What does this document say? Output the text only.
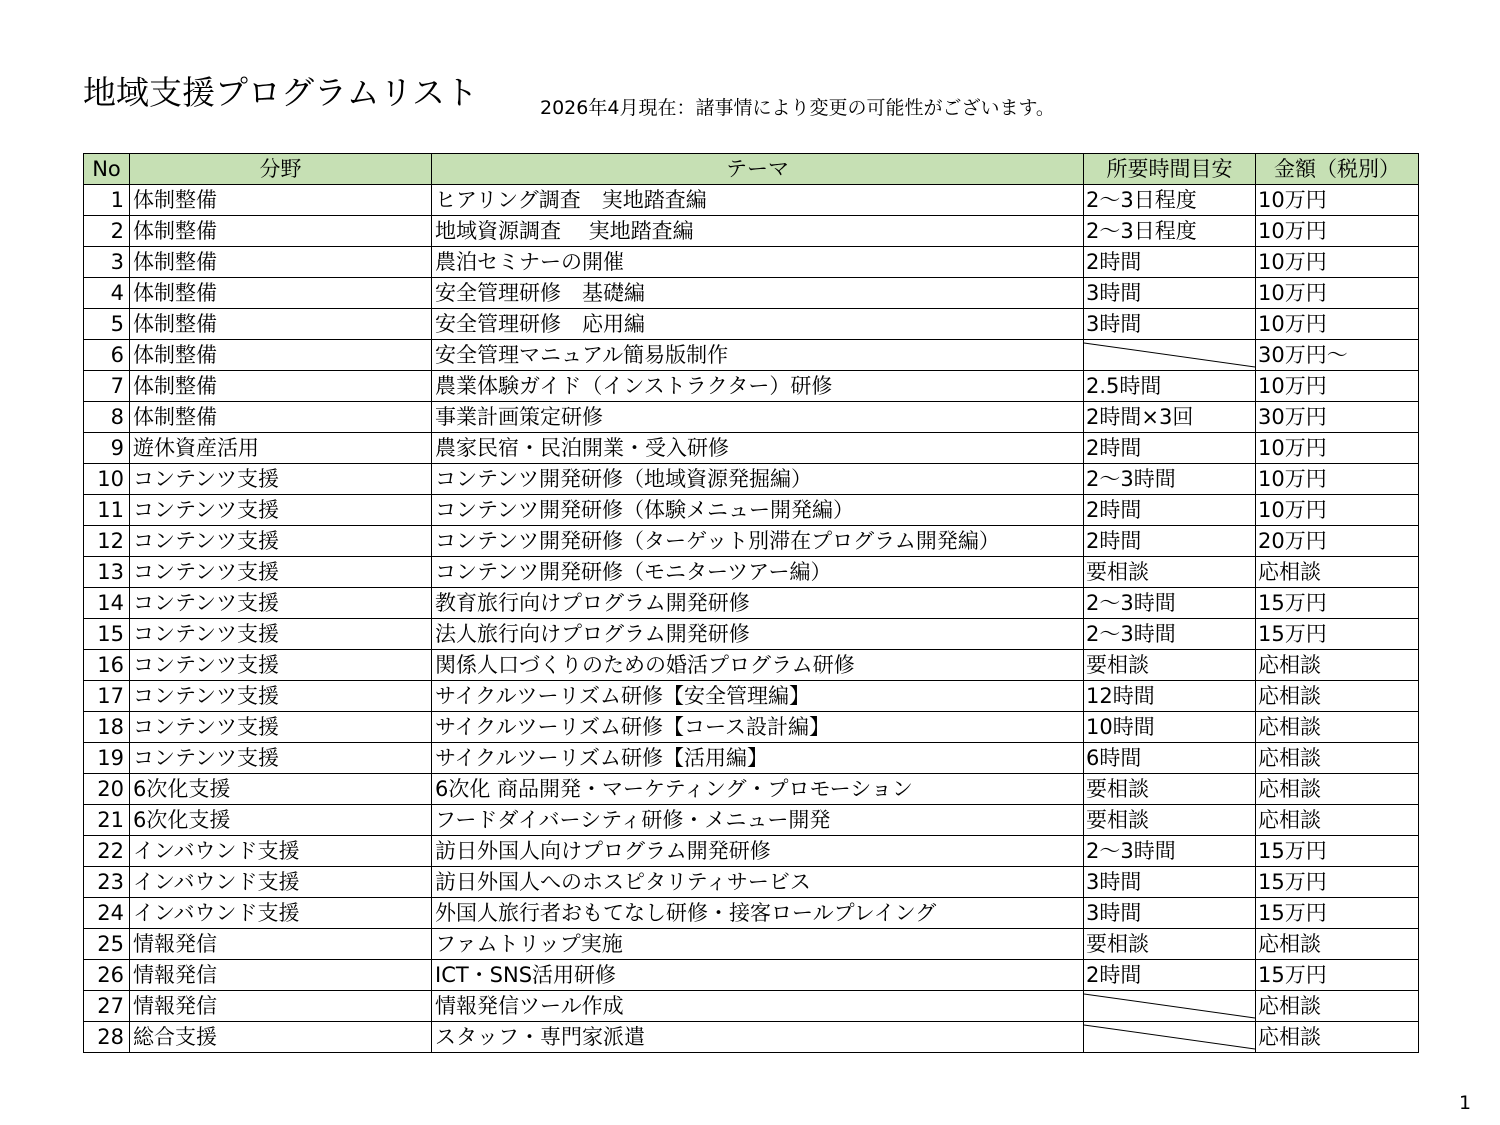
地域支援プログラムリスト	2026年4月現在：諸事情により変更の可能性がございます。
No	分野	テーマ	所要時間目安	金額（税別）
1	体制整備	ヒアリング調査　実地踏査編	2～3日程度	10万円
2	体制整備	地域資源調査　 実地踏査編	2～3日程度	10万円
3	体制整備	農泊セミナーの開催	2時間	10万円
4	体制整備	安全管理研修　基礎編	3時間	10万円
5	体制整備	安全管理研修　応用編	3時間	10万円
6	体制整備	安全管理マニュアル簡易版制作		30万円～
7	体制整備	農業体験ガイド（インストラクター）研修	2.5時間	10万円
8	体制整備	事業計画策定研修	2時間×3回	30万円
9	遊休資産活用	農家民宿・民泊開業・受入研修	2時間	10万円
10	コンテンツ支援	コンテンツ開発研修（地域資源発掘編）	2～3時間	10万円
11	コンテンツ支援	コンテンツ開発研修（体験メニュー開発編）	2時間	10万円
12	コンテンツ支援	コンテンツ開発研修（ターゲット別滞在プログラム開発編）	2時間	20万円
13	コンテンツ支援	コンテンツ開発研修（モニターツアー編）	要相談	応相談
14	コンテンツ支援	教育旅行向けプログラム開発研修	2～3時間	15万円
15	コンテンツ支援	法人旅行向けプログラム開発研修	2～3時間	15万円
16	コンテンツ支援	関係人口づくりのための婚活プログラム研修	要相談	応相談
17	コンテンツ支援	サイクルツーリズム研修【安全管理編】	12時間	応相談
18	コンテンツ支援	サイクルツーリズム研修【コース設計編】	10時間	応相談
19	コンテンツ支援	サイクルツーリズム研修【活用編】	6時間	応相談
20	6次化支援	6次化 商品開発・マーケティング・プロモーション	要相談	応相談
21	6次化支援	フードダイバーシティ研修・メニュー開発	要相談	応相談
22	インバウンド支援	訪日外国人向けプログラム開発研修	2～3時間	15万円
23	インバウンド支援	訪日外国人へのホスピタリティサービス	3時間	15万円
24	インバウンド支援	外国人旅行者おもてなし研修・接客ロールプレイング	3時間	15万円
25	情報発信	ファムトリップ実施	要相談	応相談
26	情報発信	ICT・SNS活用研修	2時間	15万円
27	情報発信	情報発信ツール作成		応相談
28	総合支援	スタッフ・専門家派遣		応相談
1
